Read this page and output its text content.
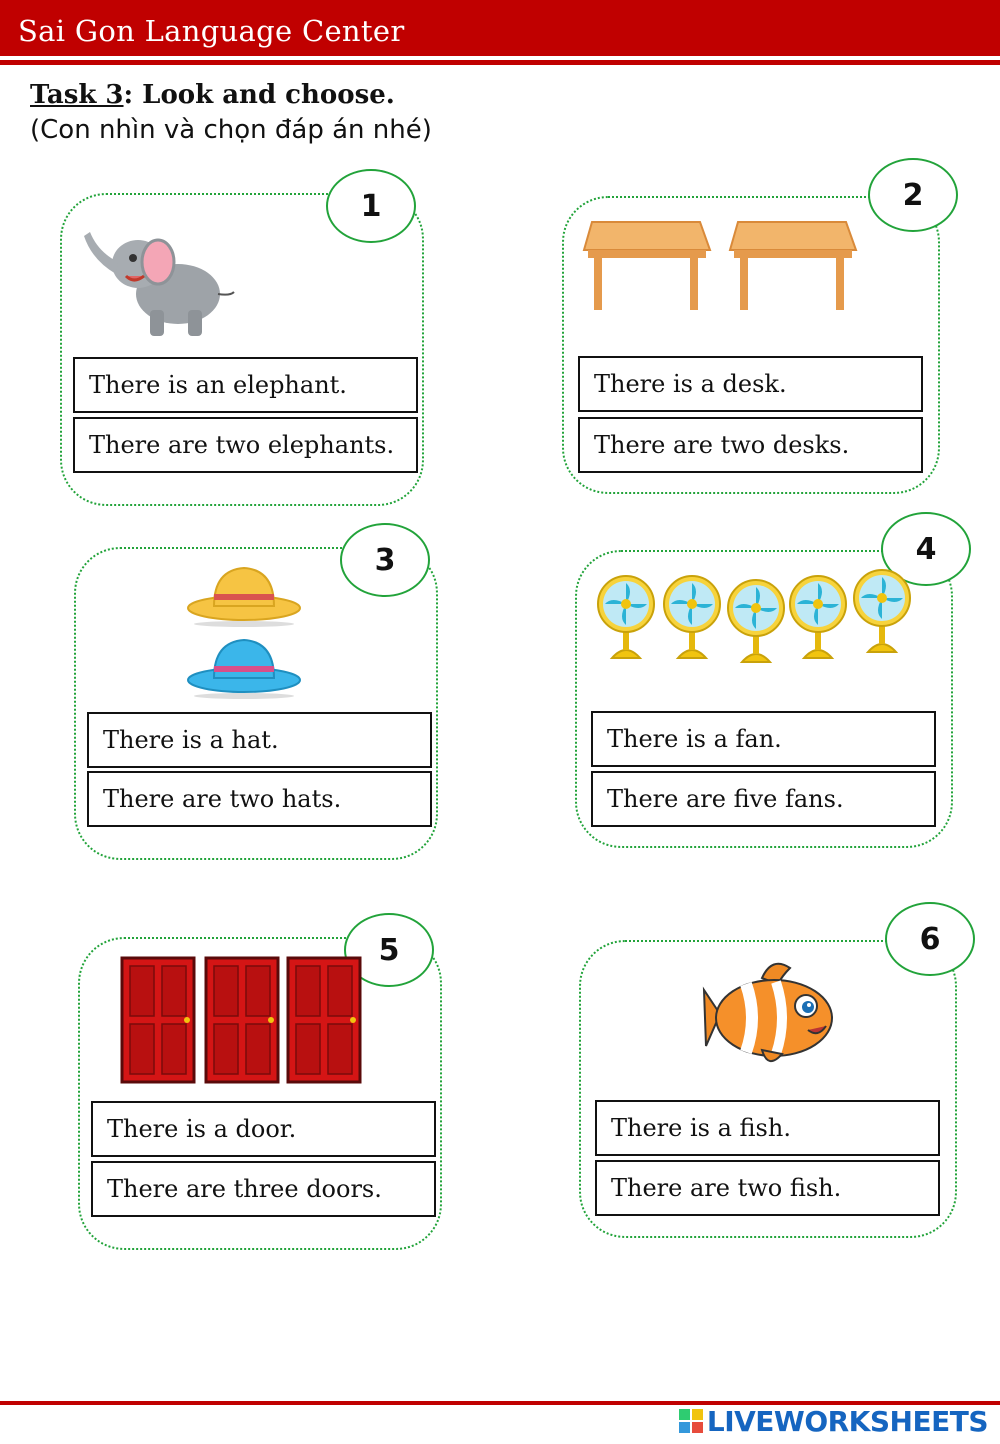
Sai Gon Language Center
Task 3: Look and choose.
(Con nhìn và chọn đáp án nhé)
1
There is an elephant.
There are two elephants.
2
There is a desk.
There are two desks.
3
There is a hat.
There are two hats.
4
There is a fan.
There are five fans.
5
There is a door.
There are three doors.
6
There is a fish.
There are two fish.
LIVEWORKSHEETS
